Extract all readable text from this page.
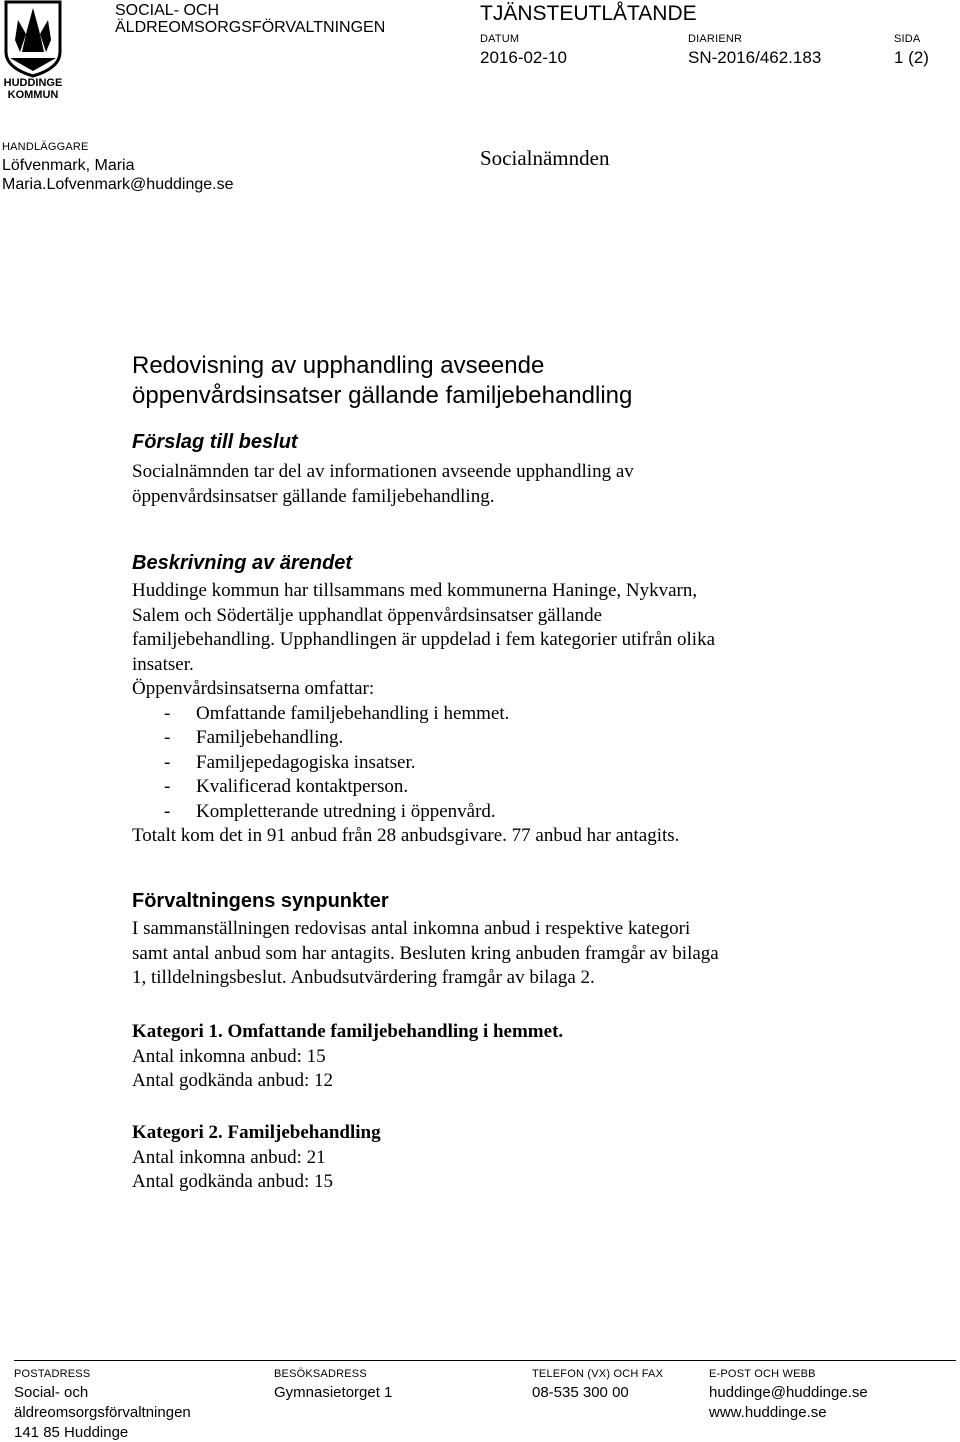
HUDDINGE
KOMMUN
SOCIAL- OCH
ÄLDREOMSORGSFÖRVALTNINGEN
TJÄNSTEUTLÅTANDE
DATUM
2016-02-10
DIARIENR
SN-2016/462.183
SIDA
1 (2)
HANDLÄGGARE
Löfvenmark, Maria
Maria.Lofvenmark@huddinge.se
Socialnämnden
Redovisning av upphandling avseende
öppenvårdsinsatser gällande familjebehandling
Förslag till beslut
Socialnämnden tar del av informationen avseende upphandling av
öppenvårdsinsatser gällande familjebehandling.
Beskrivning av ärendet
Huddinge kommun har tillsammans med kommunerna Haninge, Nykvarn,
Salem och Södertälje upphandlat öppenvårdsinsatser gällande
familjebehandling. Upphandlingen är uppdelad i fem kategorier utifrån olika
insatser.
Öppenvårdsinsatserna omfattar:
-	Omfattande familjebehandling i hemmet.
-	Familjebehandling.
-	Familjepedagogiska insatser.
-	Kvalificerad kontaktperson.
-	Kompletterande utredning i öppenvård.
Totalt kom det in 91 anbud från 28 anbudsgivare. 77 anbud har antagits.
Förvaltningens synpunkter
I sammanställningen redovisas antal inkomna anbud i respektive kategori
samt antal anbud som har antagits. Besluten kring anbuden framgår av bilaga
1, tilldelningsbeslut. Anbudsutvärdering framgår av bilaga 2.
Kategori 1. Omfattande familjebehandling i hemmet.
Antal inkomna anbud: 15
Antal godkända anbud: 12
Kategori 2. Familjebehandling
Antal inkomna anbud: 21
Antal godkända anbud: 15
POSTADRESS
Social- och
äldreomsorgsförvaltningen
141 85 Huddinge
BESÖKSADRESS
Gymnasietorget 1
TELEFON (VX) OCH FAX
08-535 300 00
E-POST OCH WEBB
huddinge@huddinge.se
www.huddinge.se
